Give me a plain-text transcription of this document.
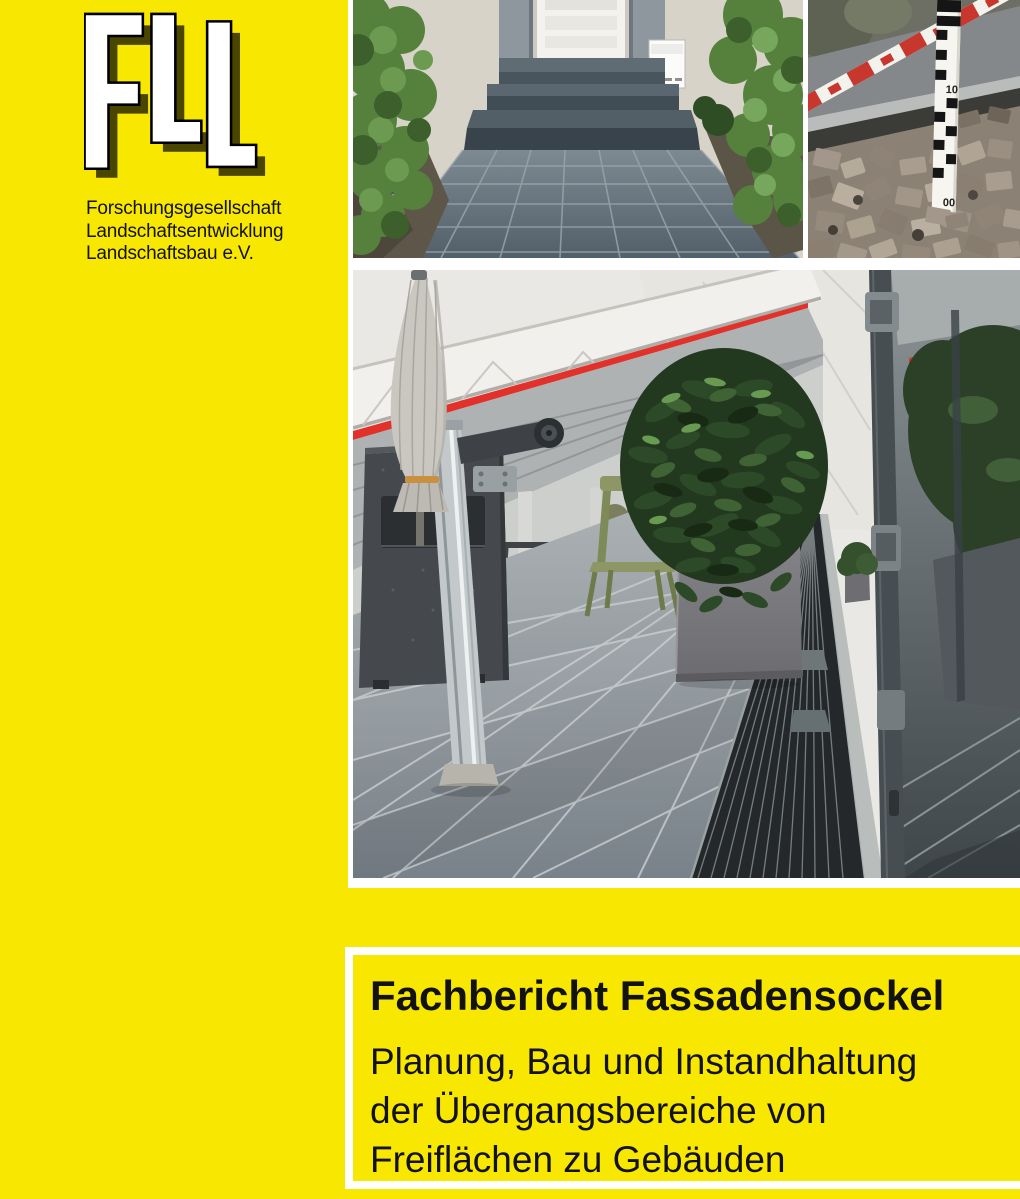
Forschungsgesellschaft
Landschaftsentwicklung
Landschaftsbau e.V.
10
00
Fachbericht Fassadensockel
Planung, Bau und Instandhaltung
der Übergangsbereiche von
Freiflächen zu Gebäuden
